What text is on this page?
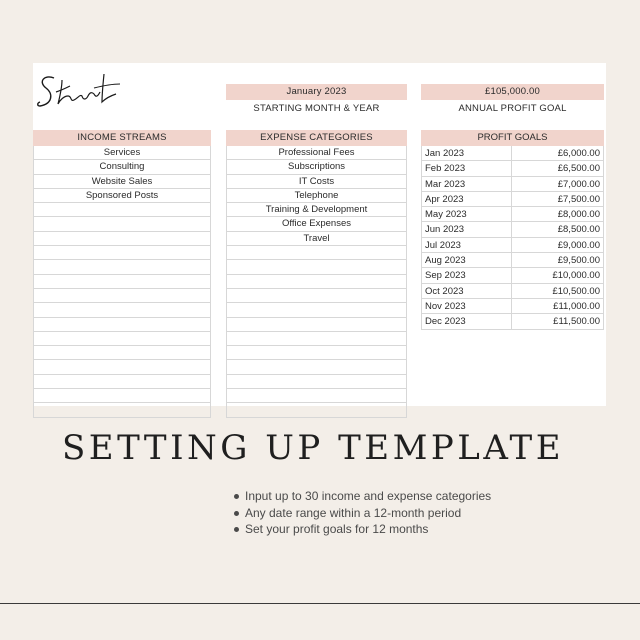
January 2023
STARTING MONTH & YEAR
£105,000.00
ANNUAL PROFIT GOAL
INCOME STREAMS
Services
Consulting
Website Sales
Sponsored Posts
EXPENSE CATEGORIES
Professional Fees
Subscriptions
IT Costs
Telephone
Training & Development
Office Expenses
Travel
PROFIT GOALS
Jan 2023	£6,000.00
Feb 2023	£6,500.00
Mar 2023	£7,000.00
Apr 2023	£7,500.00
May 2023	£8,000.00
Jun 2023	£8,500.00
Jul 2023	£9,000.00
Aug 2023	£9,500.00
Sep 2023	£10,000.00
Oct 2023	£10,500.00
Nov 2023	£11,000.00
Dec 2023	£11,500.00
SETTING UP TEMPLATE
Input up to 30 income and expense categories
Any date range within a 12-month period
Set your profit goals for 12 months
